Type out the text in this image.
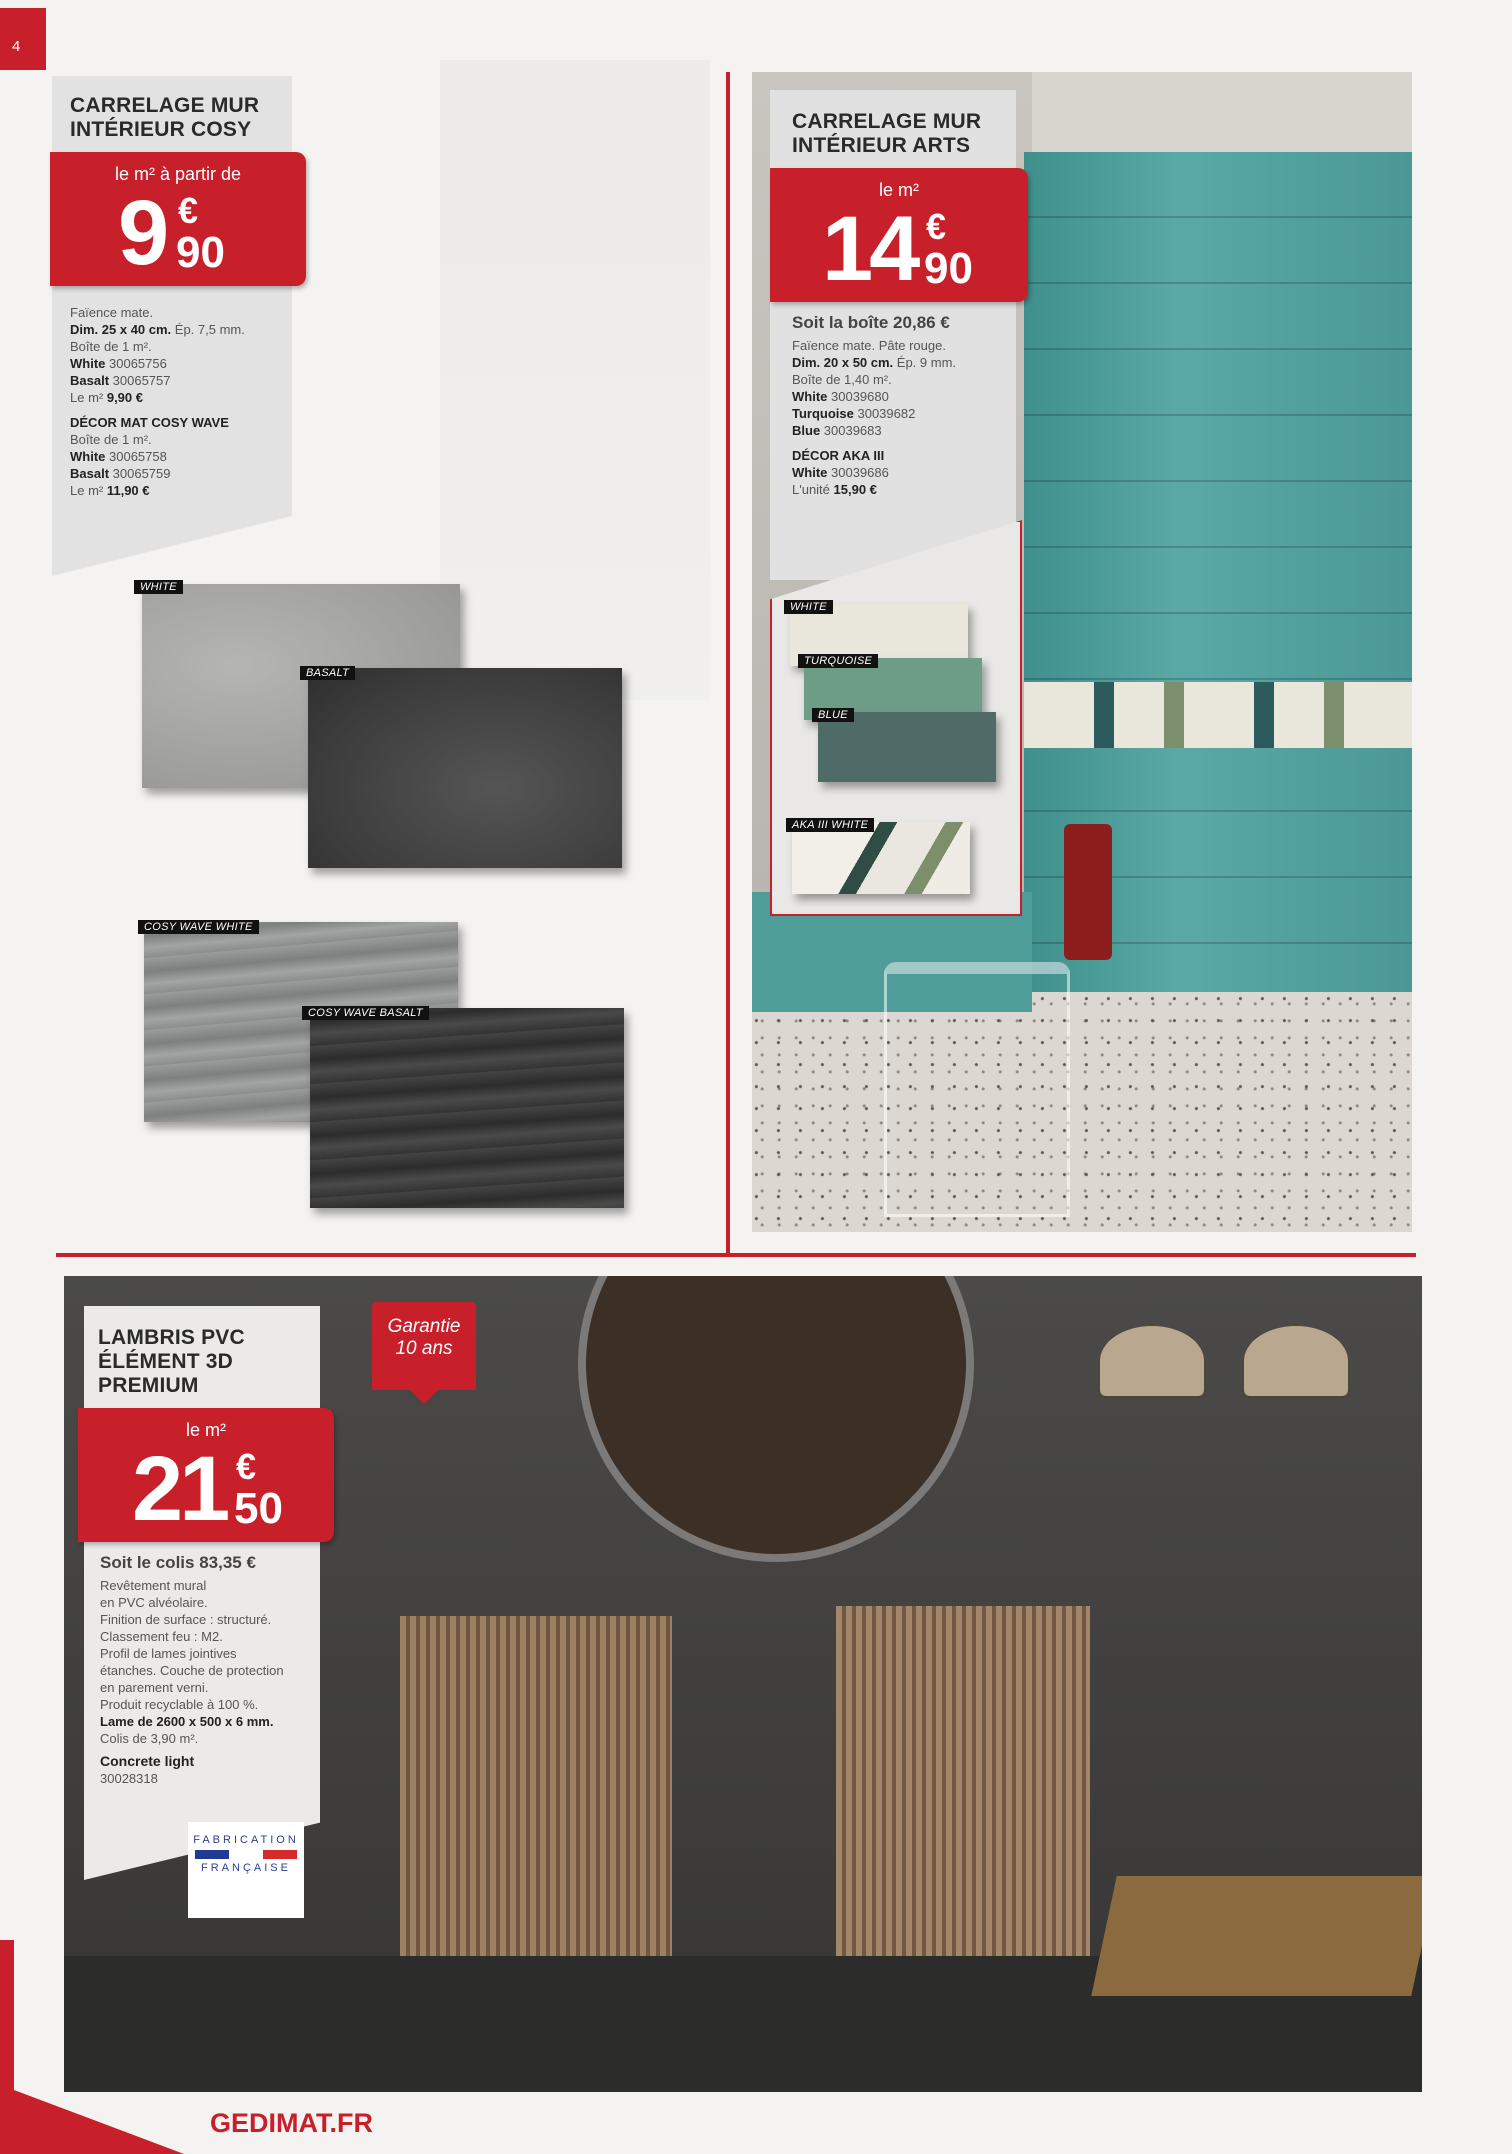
4
CARRELAGE MUR
INTÉRIEUR COSY
le m² à partir de
9 €
90
Faïence mate.
Dim. 25 x 40 cm. Ép. 7,5 mm.
Boîte de 1 m².
White 30065756
Basalt 30065757
Le m² 9,90 €
DÉCOR MAT COSY WAVE
Boîte de 1 m².
White 30065758
Basalt 30065759
Le m² 11,90 €
WHITE
BASALT
COSY WAVE WHITE
COSY WAVE BASALT
CARRELAGE MUR
INTÉRIEUR ARTS
le m²
14 €
90
Soit la boîte 20,86 €
Faïence mate. Pâte rouge.
Dim. 20 x 50 cm. Ép. 9 mm.
Boîte de 1,40 m².
White 30039680
Turquoise 30039682
Blue 30039683
DÉCOR AKA III
White 30039686
L'unité 15,90 €
WHITE
TURQUOISE
BLUE
AKA III WHITE
LAMBRIS PVC
ÉLÉMENT 3D
PREMIUM
le m²
21 €
50
Soit le colis 83,35 €
Revêtement mural
en PVC alvéolaire.
Finition de surface : structuré.
Classement feu : M2.
Profil de lames jointives
étanches. Couche de protection
en parement verni.
Produit recyclable à 100 %.
Lame de 2600 x 500 x 6 mm.
Colis de 3,90 m².
Concrete light
30028318
FABRICATION
FRANÇAISE
Garantie
10 ans
GEDIMAT.FR
